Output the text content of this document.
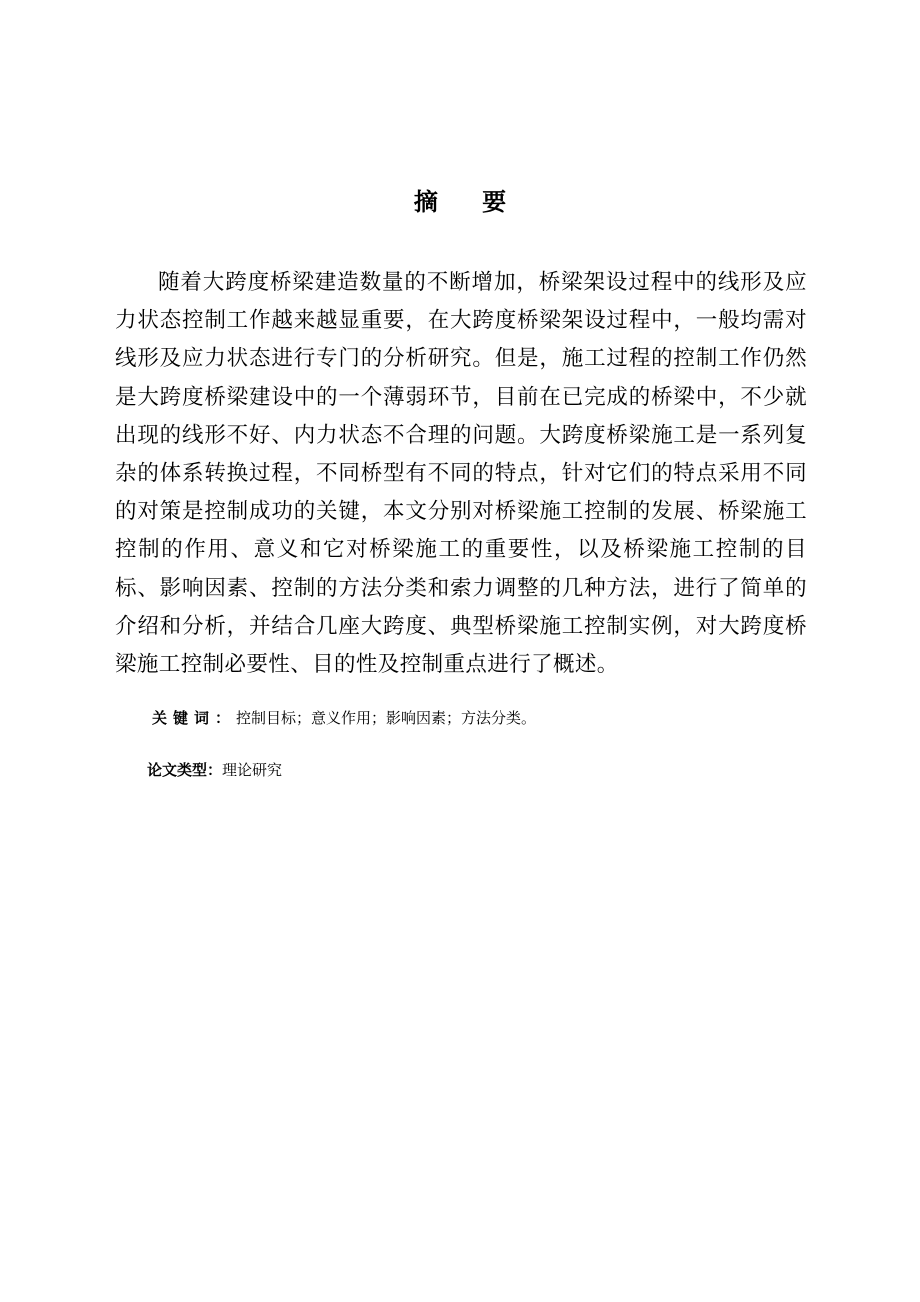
摘 要

随着大跨度桥梁建造数量的不断增加，桥梁架设过程中的线形及应力状态控制工作越来越显重要，在大跨度桥梁架设过程中，一般均需对线形及应力状态进行专门的分析研究。但是，施工过程的控制工作仍然是大跨度桥梁建设中的一个薄弱环节，目前在已完成的桥梁中，不少就出现的线形不好、内力状态不合理的问题。大跨度桥梁施工是一系列复杂的体系转换过程，不同桥型有不同的特点，针对它们的特点采用不同的对策是控制成功的关键，本文分别对桥梁施工控制的发展、桥梁施工控制的作用、意义和它对桥梁施工的重要性，以及桥梁施工控制的目标、影响因素、控制的方法分类和索力调整的几种方法，进行了简单的介绍和分析，并结合几座大跨度、典型桥梁施工控制实例，对大跨度桥梁施工控制必要性、目的性及控制重点进行了概述。

关键词：控制目标；意义作用；影响因素；方法分类。
论文类型：理论研究
